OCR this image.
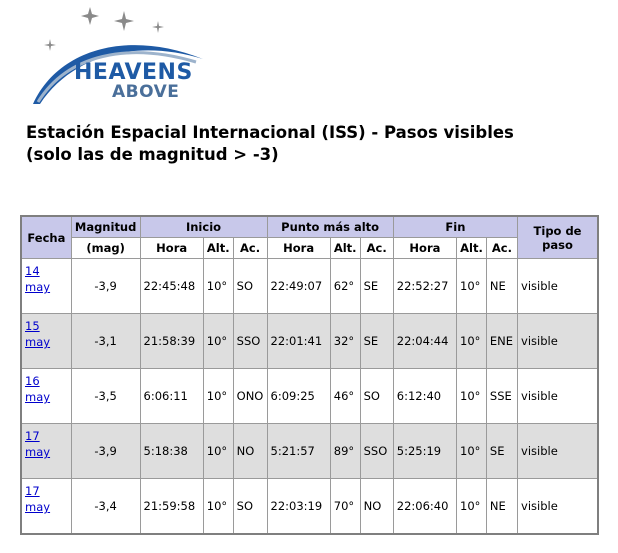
HEAVENS
ABOVE
Estación Espacial Internacional (ISS) - Pasos visibles
(solo las de magnitud > -3)
Fecha	Magnitud	Inicio			Punto más alto			Fin			Tipo de paso
	(mag)	Hora	Alt.	Ac.	Hora	Alt.	Ac.	Hora	Alt.	Ac.	

14
may	-3,9	22:45:48	10°	SO	22:49:07	62°	SE	22:52:27	10°	NE	visible

15
may	-3,1	21:58:39	10°	SSO	22:01:41	32°	SE	22:04:44	10°	ENE	visible

16
may	-3,5	6:06:11	10°	ONO	6:09:25	46°	SO	6:12:40	10°	SSE	visible

17
may	-3,9	5:18:38	10°	NO	5:21:57	89°	SSO	5:25:19	10°	SE	visible

17
may	-3,4	21:59:58	10°	SO	22:03:19	70°	NO	22:06:40	10°	NE	visible
